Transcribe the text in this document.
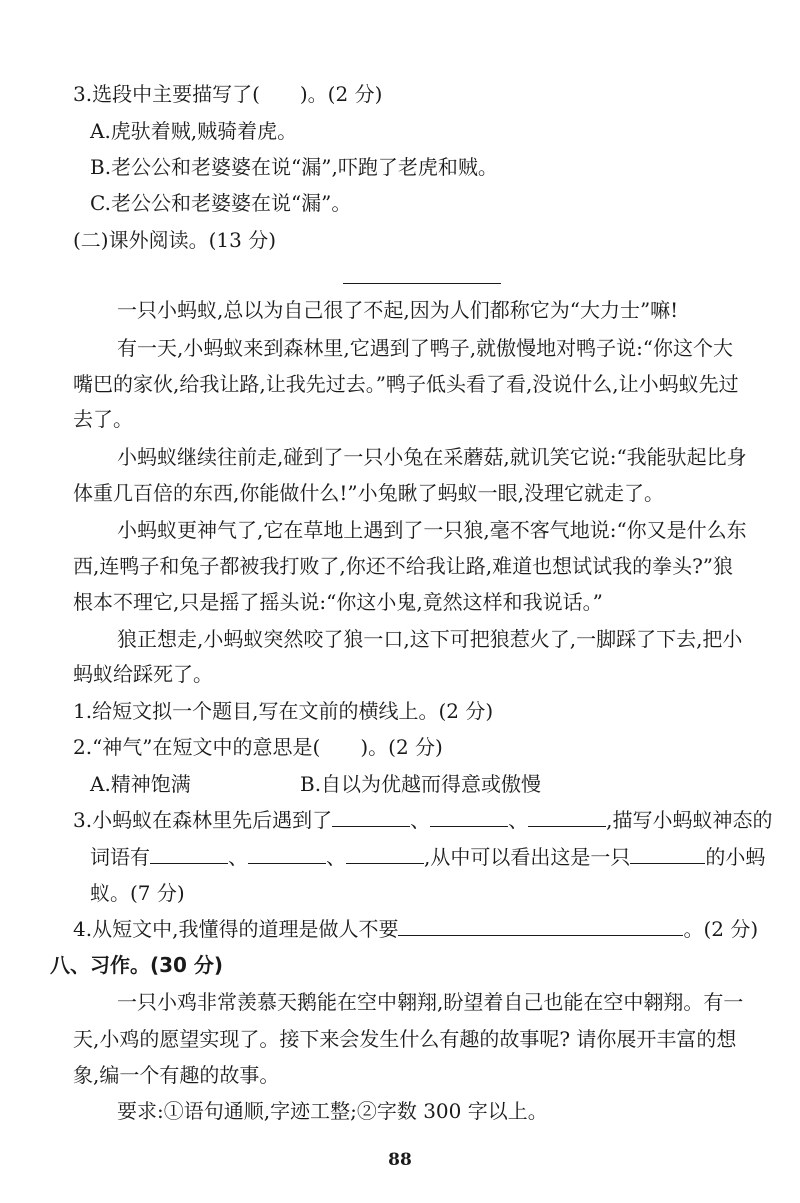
3.选段中主要描写了(　　)。(2 分)
A.虎驮着贼,贼骑着虎。
B.老公公和老婆婆在说“漏”,吓跑了老虎和贼。
C.老公公和老婆婆在说“漏”。
(二)课外阅读。(13 分)
一只小蚂蚁,总以为自己很了不起,因为人们都称它为“大力士”嘛!
有一天,小蚂蚁来到森林里,它遇到了鸭子,就傲慢地对鸭子说:“你这个大
嘴巴的家伙,给我让路,让我先过去。”鸭子低头看了看,没说什么,让小蚂蚁先过
去了。
小蚂蚁继续往前走,碰到了一只小兔在采蘑菇,就讥笑它说:“我能驮起比身
体重几百倍的东西,你能做什么!”小兔瞅了蚂蚁一眼,没理它就走了。
小蚂蚁更神气了,它在草地上遇到了一只狼,毫不客气地说:“你又是什么东
西,连鸭子和兔子都被我打败了,你还不给我让路,难道也想试试我的拳头?”狼
根本不理它,只是摇了摇头说:“你这小鬼,竟然这样和我说话。”
狼正想走,小蚂蚁突然咬了狼一口,这下可把狼惹火了,一脚踩了下去,把小
蚂蚁给踩死了。
1.给短文拟一个题目,写在文前的横线上。(2 分)
2.“神气”在短文中的意思是(　　)。(2 分)
A.精神饱满	B.自以为优越而得意或傲慢
3.小蚂蚁在森林里先后遇到了	、	、	,描写小蚂蚁神态的
词语有	、	、	,从中可以看出这是一只	的小蚂
蚁。(7 分)
4.从短文中,我懂得的道理是做人不要	。(2 分)
八、习作。(30 分)
一只小鸡非常羡慕天鹅能在空中翱翔,盼望着自己也能在空中翱翔。有一
天,小鸡的愿望实现了。接下来会发生什么有趣的故事呢? 请你展开丰富的想
象,编一个有趣的故事。
要求:①语句通顺,字迹工整;②字数 300 字以上。
88
